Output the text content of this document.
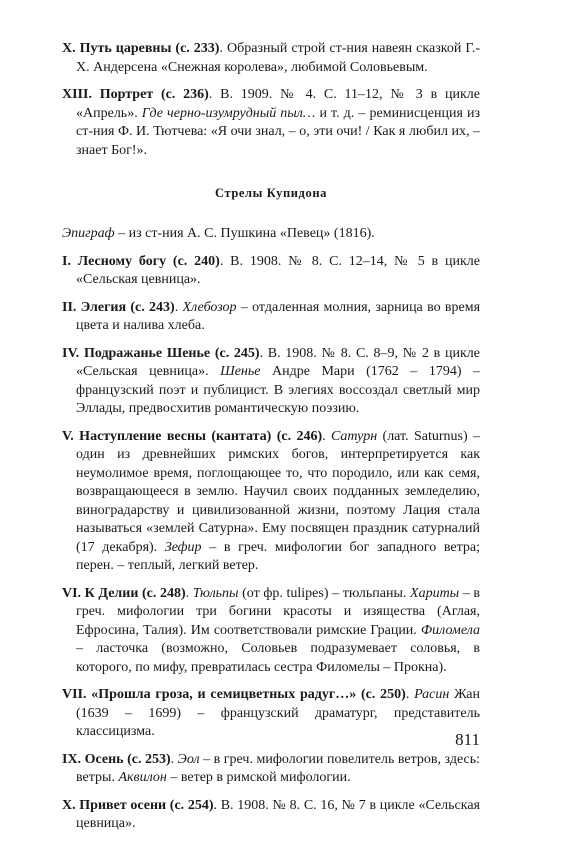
X. Путь царевны (с. 233). Образный строй ст-ния навеян сказкой Г.-Х. Андерсена «Снежная королева», любимой Соловьевым.

XIII. Портрет (с. 236). В. 1909. № 4. С. 11–12, № 3 в цикле «Апрель». Где черно-изумрудный пыл… и т. д. – реминисценция из ст-ния Ф. И. Тютчева: «Я очи знал, – о, эти очи! / Как я любил их, – знает Бог!».

Стрелы Купидона

Эпиграф – из ст-ния А. С. Пушкина «Певец» (1816).

I. Лесному богу (с. 240). В. 1908. № 8. С. 12–14, № 5 в цикле «Сельская цевница».

II. Элегия (с. 243). Хлебозор – отдаленная молния, зарница во время цвета и налива хлеба.

IV. Подражанье Шенье (с. 245). В. 1908. № 8. С. 8–9, № 2 в цикле «Сельская цевница». Шенье Андре Мари (1762 – 1794) – французский поэт и публицист. В элегиях воссоздал светлый мир Эллады, предвосхитив романтическую поэзию.

V. Наступление весны (кантата) (с. 246). Сатурн (лат. Saturnus) – один из древнейших римских богов, интерпретируется как неумолимое время, поглощающее то, что породило, или как семя, возвращающееся в землю. Научил своих подданных земледелию, виноградарству и цивилизованной жизни, поэтому Лация стала называться «землей Сатурна». Ему посвящен праздник сатурналий (17 декабря). Зефир – в греч. мифологии бог западного ветра; перен. – теплый, легкий ветер.

VI. К Делии (с. 248). Тюльпы (от фр. tulipes) – тюльпаны. Хариты – в греч. мифологии три богини красоты и изящества (Аглая, Ефросина, Талия). Им соответствовали римские Грации. Филомела – ласточка (возможно, Соловьев подразумевает соловья, в которого, по мифу, превратилась сестра Филомелы – Прокна).

VII. «Прошла гроза, и семицветных радуг…» (с. 250). Расин Жан (1639 – 1699) – французский драматург, представитель классицизма.

IX. Осень (с. 253). Эол – в греч. мифологии повелитель ветров, здесь: ветры. Аквилон – ветер в римской мифологии.

X. Привет осени (с. 254). В. 1908. № 8. С. 16, № 7 в цикле «Сельская цевница».

811
